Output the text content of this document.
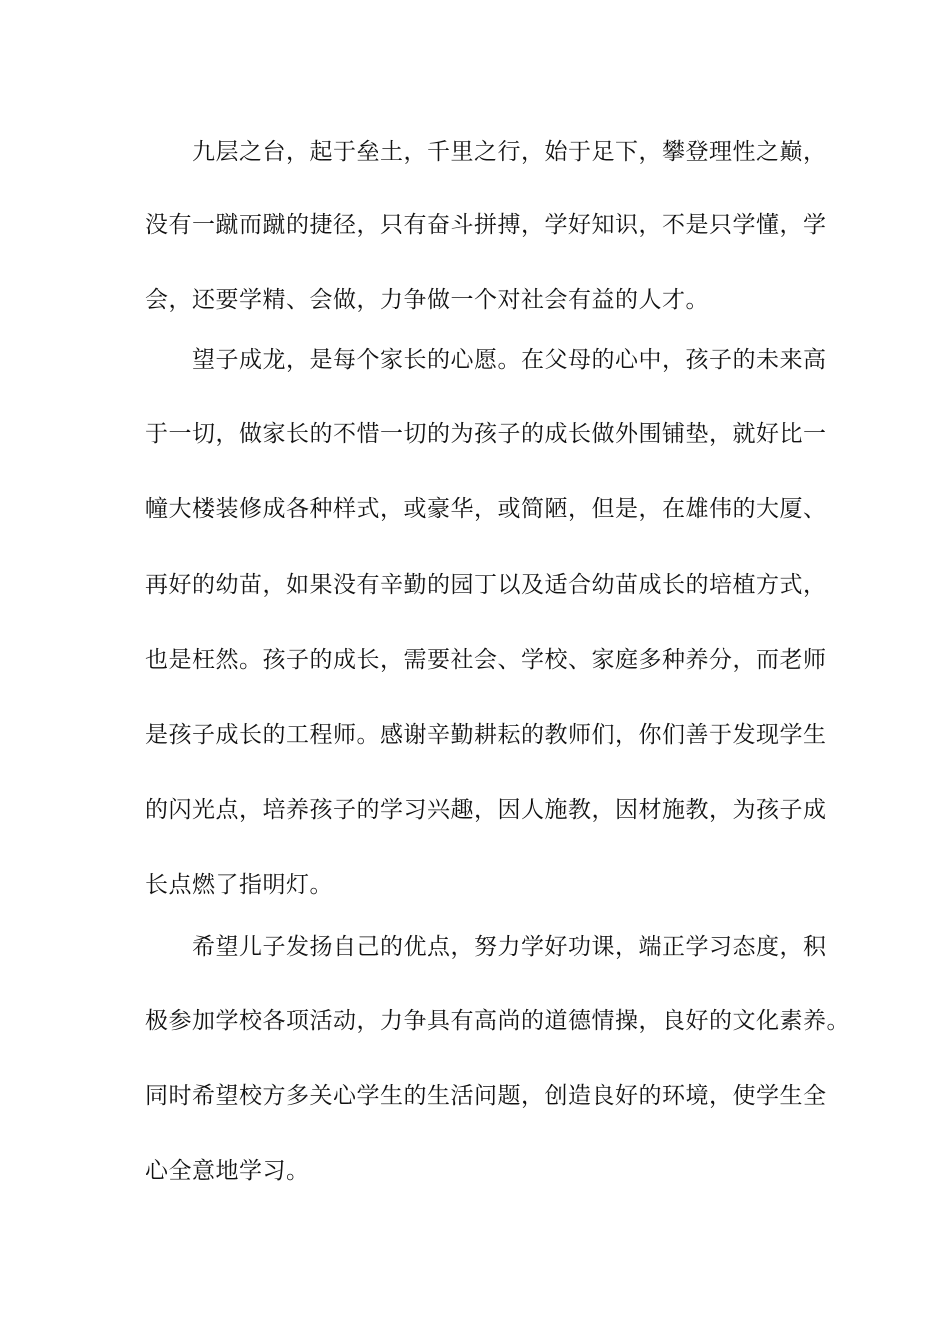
　　九层之台，起于垒土，千里之行，始于足下，攀登理性之巅，
没有一蹴而蹴的捷径，只有奋斗拼搏，学好知识，不是只学懂，学
会，还要学精、会做，力争做一个对社会有益的人才。
　　望子成龙，是每个家长的心愿。在父母的心中，孩子的未来高
于一切，做家长的不惜一切的为孩子的成长做外围铺垫，就好比一
幢大楼装修成各种样式，或豪华，或简陋，但是，在雄伟的大厦、
再好的幼苗，如果没有辛勤的园丁以及适合幼苗成长的培植方式，
也是枉然。孩子的成长，需要社会、学校、家庭多种养分，而老师
是孩子成长的工程师。感谢辛勤耕耘的教师们，你们善于发现学生
的闪光点，培养孩子的学习兴趣，因人施教，因材施教，为孩子成
长点燃了指明灯。
　　希望儿子发扬自己的优点，努力学好功课，端正学习态度，积
极参加学校各项活动，力争具有高尚的道德情操，良好的文化素养。
同时希望校方多关心学生的生活问题，创造良好的环境，使学生全
心全意地学习。
